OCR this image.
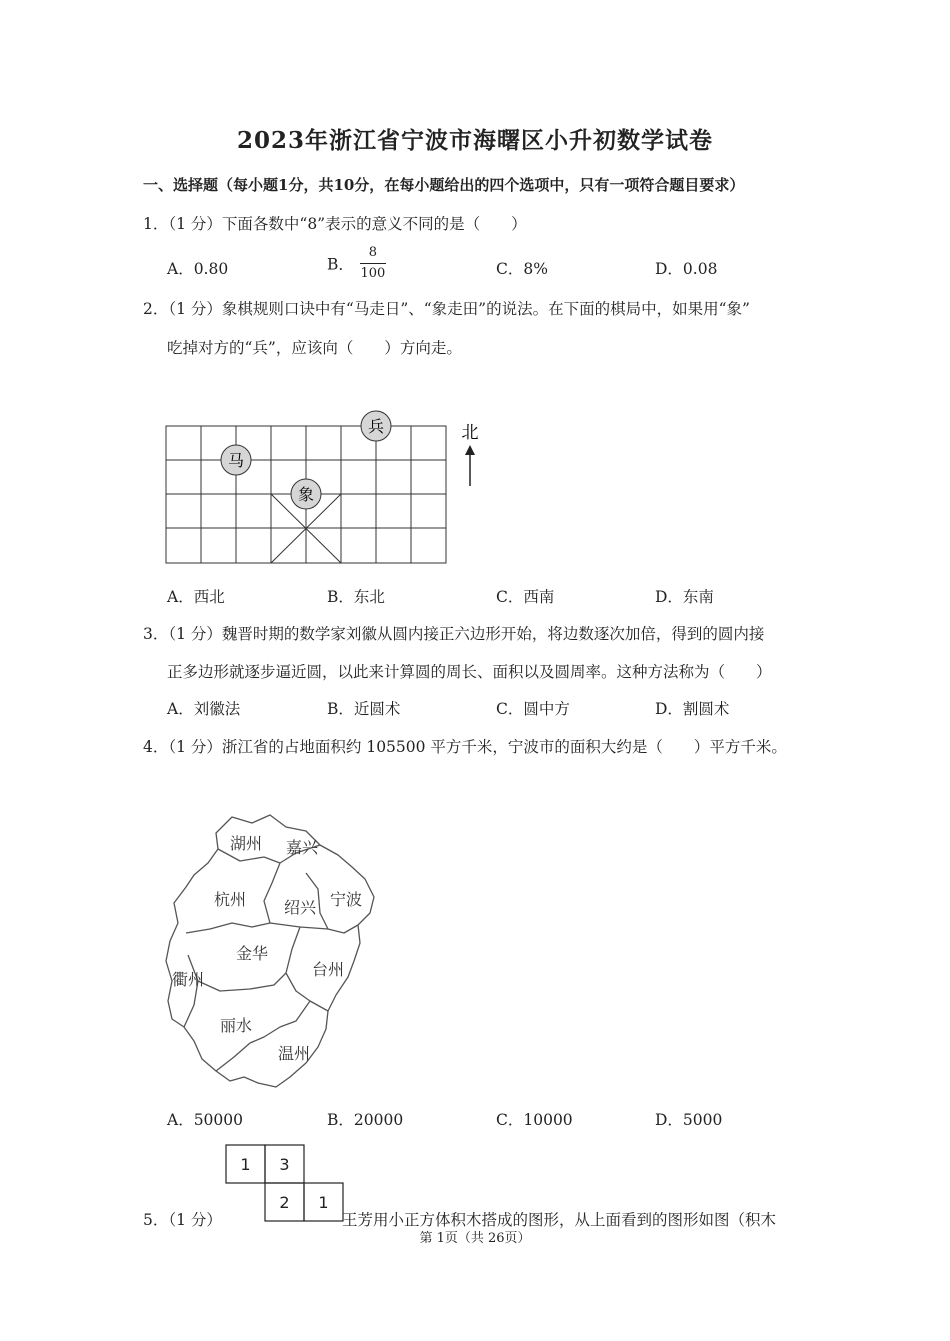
2023年浙江省宁波市海曙区小升初数学试卷
一、选择题（每小题1分，共10分，在每小题给出的四个选项中，只有一项符合题目要求）
1．（1 分）下面各数中“8”表示的意义不同的是（　　）
A．0.80	B． $\frac{8}{100}$	C．8%	D．0.08
2．（1 分）象棋规则口诀中有“马走日”、“象走田”的说法。在下面的棋局中，如果用“象”
吃掉对方的“兵”，应该向（　　）方向走。
兵
马
象
北
A．西北	B．东北	C．西南	D．东南
3．（1 分）魏晋时期的数学家刘徽从圆内接正六边形开始，将边数逐次加倍，得到的圆内接
正多边形就逐步逼近圆，以此来计算圆的周长、面积以及圆周率。这种方法称为（　　）
A．刘徽法	B．近圆术	C．圆中方	D．割圆术
4．（1 分）浙江省的占地面积约 105500 平方千米，宁波市的面积大约是（　　）平方千米。
湖州 嘉兴
杭州 绍兴 宁波
金华
台州
衢州
丽水
温州
A．50000	B．20000	C．10000	D．5000
1 3
2 1
5．（1 分）	王芳用小正方体积木搭成的图形，从上面看到的图形如图（积木
第 1页（共 26页）
